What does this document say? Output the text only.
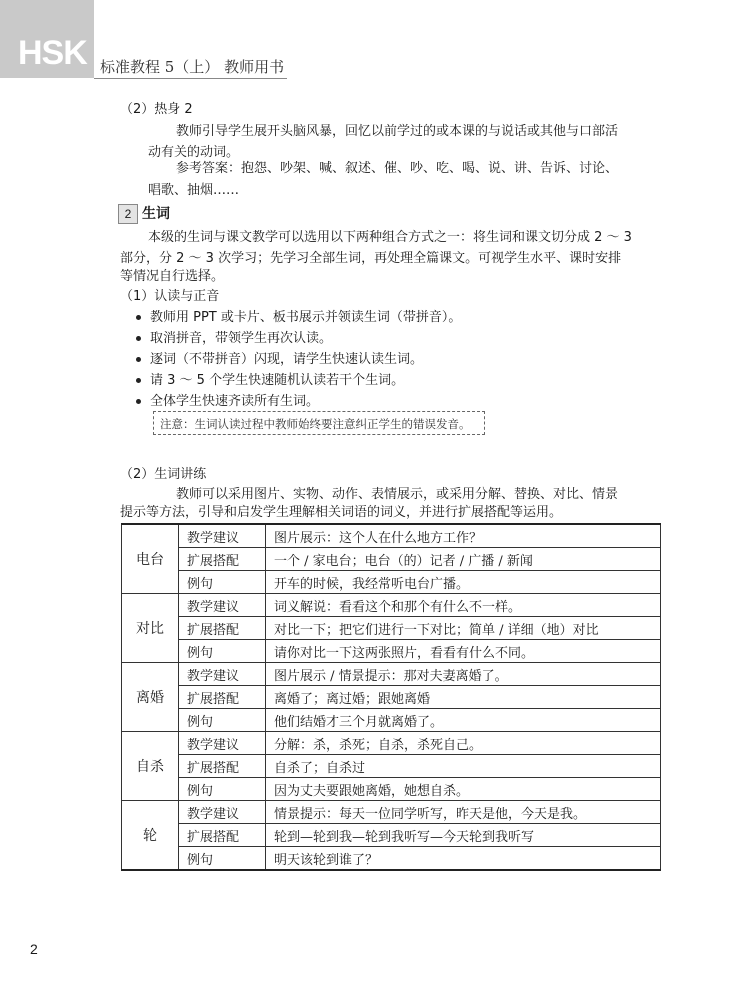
HSK 标准教程 5（上） 教师用书
（2）热身 2
教师引导学生展开头脑风暴，回忆以前学过的或本课的与说话或其他与口部活
动有关的动词。
参考答案：抱怨、吵架、喊、叙述、催、吵、吃、喝、说、讲、告诉、讨论、
唱歌、抽烟……
2 生词
本级的生词与课文教学可以选用以下两种组合方式之一：将生词和课文切分成 2 ～ 3
部分，分 2 ～ 3 次学习；先学习全部生词，再处理全篇课文。可视学生水平、课时安排
等情况自行选择。
（1）认读与正音
教师用 PPT 或卡片、板书展示并领读生词（带拼音）。
取消拼音，带领学生再次认读。
逐词（不带拼音）闪现，请学生快速认读生词。
请 3 ～ 5 个学生快速随机认读若干个生词。
全体学生快速齐读所有生词。
注意：生词认读过程中教师始终要注意纠正学生的错误发音。
（2）生词讲练
教师可以采用图片、实物、动作、表情展示，或采用分解、替换、对比、情景
提示等方法，引导和启发学生理解相关词语的词义，并进行扩展搭配等运用。
电台	教学建议	图片展示：这个人在什么地方工作？
	扩展搭配	一个 / 家电台；电台（的）记者 / 广播 / 新闻
	例句	开车的时候，我经常听电台广播。
对比	教学建议	词义解说：看看这个和那个有什么不一样。
	扩展搭配	对比一下；把它们进行一下对比；简单 / 详细（地）对比
	例句	请你对比一下这两张照片，看看有什么不同。
离婚	教学建议	图片展示 / 情景提示：那对夫妻离婚了。
	扩展搭配	离婚了；离过婚；跟她离婚
	例句	他们结婚才三个月就离婚了。
自杀	教学建议	分解：杀，杀死；自杀，杀死自己。
	扩展搭配	自杀了；自杀过
	例句	因为丈夫要跟她离婚，她想自杀。
轮	教学建议	情景提示：每天一位同学听写，昨天是他，今天是我。
	扩展搭配	轮到—轮到我—轮到我听写—今天轮到我听写
	例句	明天该轮到谁了？
2
